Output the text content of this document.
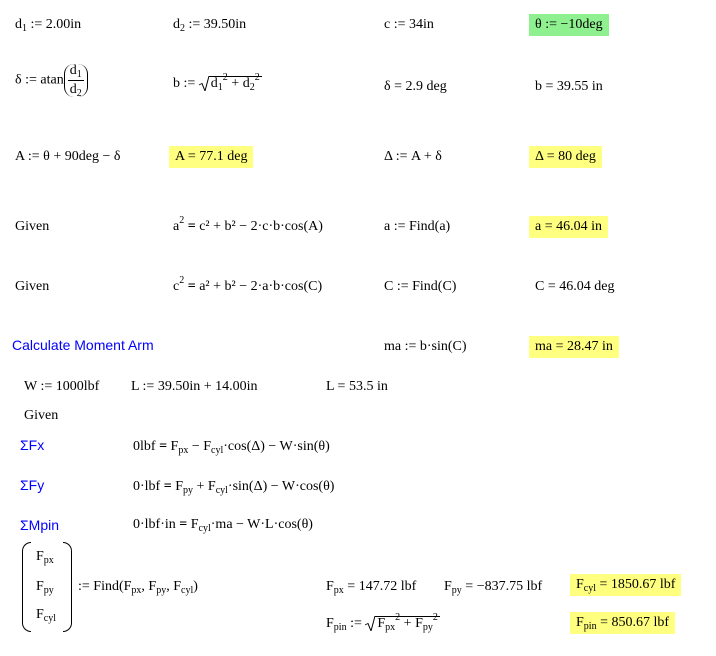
$d_1$ := 2.00in	$d_2$ := 39.50in	c := 34in	θ := −10deg
δ := atan $\frac{d_1}{d_2}$	b :=
$d_1^2 + d_2^2$
δ = 2.9 deg	b = 39.55 in
A := θ + 90deg − δ	A = 77.1 deg	Δ := A + δ	Δ = 80 deg
Given	$a^2 = c^2 + b^2 - 2\cdot c\cdot b\cdot\cos(A)$	a := Find(a)	a = 46.04 in
Given	$c^2 = a^2 + b^2 - 2\cdot a\cdot b\cdot\cos(C)$	C := Find(C)	C = 46.04 deg
Calculate Moment Arm	ma := b·sin(C)	ma = 28.47 in
W := 1000lbf L := 39.50in + 14.00in	L = 53.5 in
Given
ΣFx	$0lbf = F_{px} - F_{cyl}\cdot\cos(\Delta) - W\cdot\sin(\theta)$
ΣFy	$0\cdot lbf = F_{py} + F_{cyl}\cdot\sin(\Delta) - W\cdot\cos(\theta)$
ΣMpin	$0\cdot lbf\cdot in = F_{cyl}\cdot ma - W\cdot L\cdot\cos(\theta)$
$F_{px}$
$F_{py}$
$F_{cyl}$
:= $Find(F_{px}$, $F_{py}$, $F_{cyl}$)	$F_{px} = 147.72$ lbf $F_{py} = -837.75$ lbf	$F_{cyl} = 1850.67$ lbf
$F_{pin}$ :=
$F_{px}^2 + F_{py}^2$	$F_{pin} = 850.67$ lbf
